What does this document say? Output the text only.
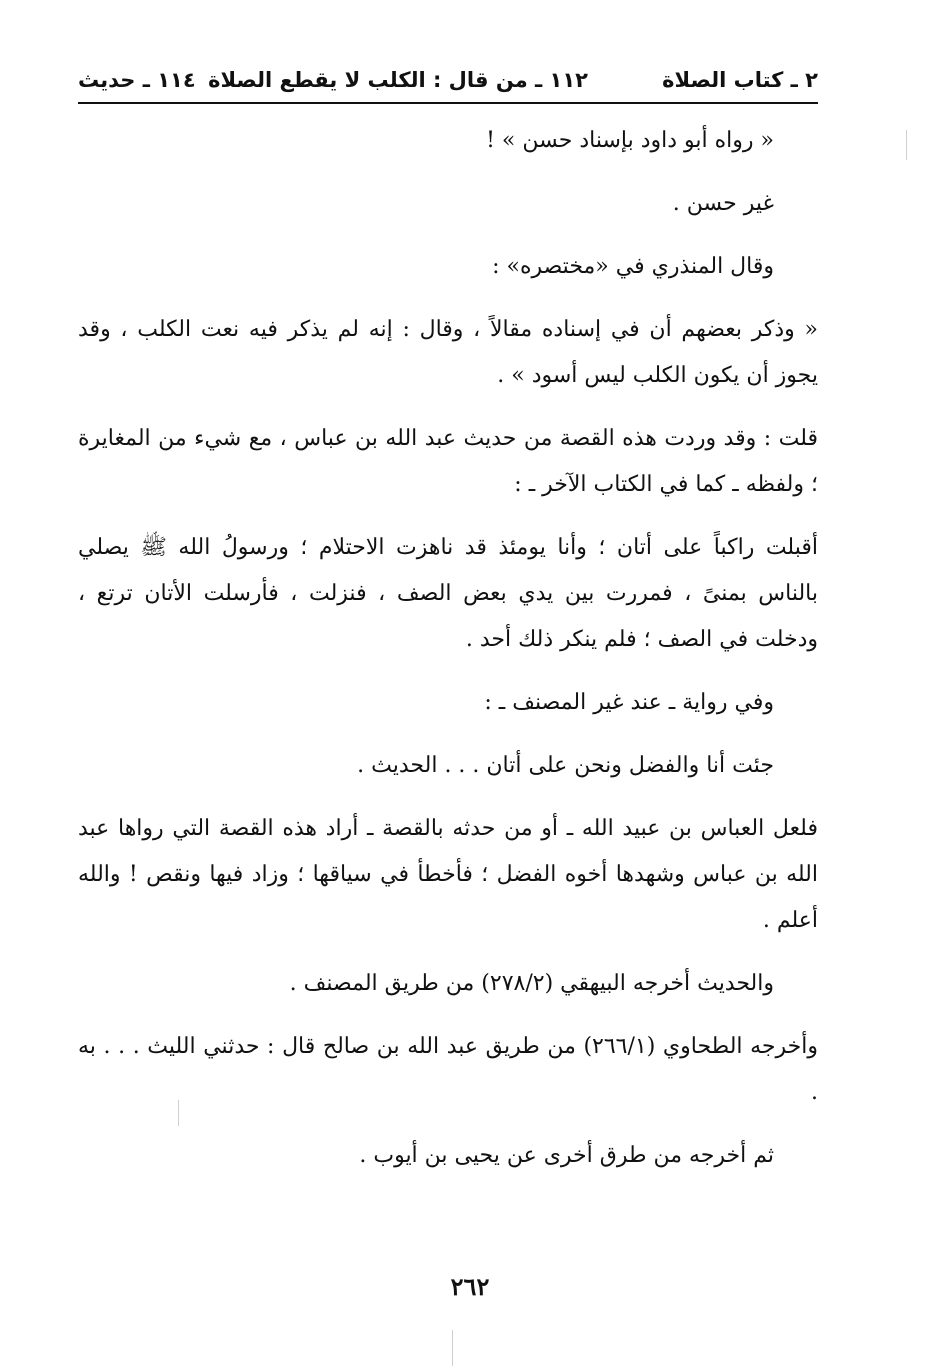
٢ ـ كتاب الصلاة
١١٢ ـ من قال : الكلب لا يقطع الصلاة
١١٤ ـ حديث

« رواه أبو داود بإسناد حسن » !

غير حسن .

وقال المنذري في «مختصره» :

« وذكر بعضهم أن في إسناده مقالاً ، وقال : إنه لم يذكر فيه نعت الكلب ، وقد يجوز أن يكون الكلب ليس أسود » .

قلت : وقد وردت هذه القصة من حديث عبد الله بن عباس ، مع شيء من المغايرة ؛ ولفظه ـ كما في الكتاب الآخر ـ :

أقبلت راكباً على أتان ؛ وأنا يومئذ قد ناهزت الاحتلام ؛ ورسولُ الله ﷺ يصلي بالناس بمنىً ، فمررت بين يدي بعض الصف ، فنزلت ، فأرسلت الأتان ترتع ، ودخلت في الصف ؛ فلم ينكر ذلك أحد .

وفي رواية ـ عند غير المصنف ـ :

جئت أنا والفضل ونحن على أتان . . . الحديث .

فلعل العباس بن عبيد الله ـ أو من حدثه بالقصة ـ أراد هذه القصة التي رواها عبد الله بن عباس وشهدها أخوه الفضل ؛ فأخطأ في سياقها ؛ وزاد فيها ونقص ! والله أعلم .

والحديث أخرجه البيهقي (٢٧٨/٢) من طريق المصنف .

وأخرجه الطحاوي (٢٦٦/١) من طريق عبد الله بن صالح قال : حدثني الليث . . . به .

ثم أخرجه من طرق أخرى عن يحيى بن أيوب .

٢٦٢
